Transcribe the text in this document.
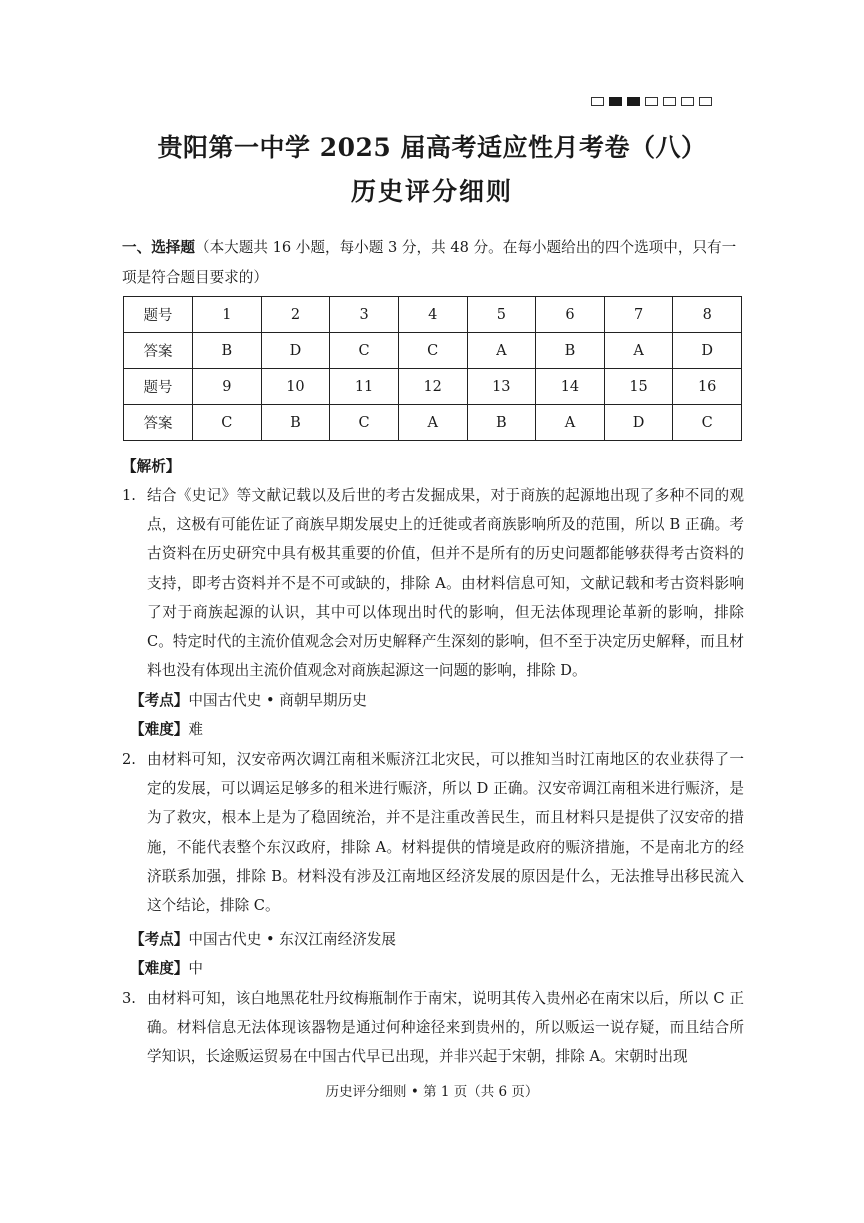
贵阳第一中学 2025 届高考适应性月考卷（八）
历史评分细则
一、选择题（本大题共 16 小题，每小题 3 分，共 48 分。在每小题给出的四个选项中，只有一项是符合题目要求的）
题号	1	2	3	4	5	6	7	8
答案	B	D	C	C	A	B	A	D
题号	9	10	11	12	13	14	15	16
答案	C	B	C	A	B	A	D	C
【解析】
1. 结合《史记》等文献记载以及后世的考古发掘成果，对于商族的起源地出现了多种不同的观点，这极有可能佐证了商族早期发展史上的迁徙或者商族影响所及的范围，所以 B 正确。考古资料在历史研究中具有极其重要的价值，但并不是所有的历史问题都能够获得考古资料的支持，即考古资料并不是不可或缺的，排除 A。由材料信息可知，文献记载和考古资料影响了对于商族起源的认识，其中可以体现出时代的影响，但无法体现理论革新的影响，排除 C。特定时代的主流价值观念会对历史解释产生深刻的影响，但不至于决定历史解释，而且材料也没有体现出主流价值观念对商族起源这一问题的影响，排除 D。
【考点】中国古代史 • 商朝早期历史
【难度】难
2. 由材料可知，汉安帝两次调江南租米赈济江北灾民，可以推知当时江南地区的农业获得了一定的发展，可以调运足够多的租米进行赈济，所以 D 正确。汉安帝调江南租米进行赈济，是为了救灾，根本上是为了稳固统治，并不是注重改善民生，而且材料只是提供了汉安帝的措施，不能代表整个东汉政府，排除 A。材料提供的情境是政府的赈济措施，不是南北方的经济联系加强，排除 B。材料没有涉及江南地区经济发展的原因是什么，无法推导出移民流入这个结论，排除 C。
【考点】中国古代史 • 东汉江南经济发展
【难度】中
3. 由材料可知，该白地黑花牡丹纹梅瓶制作于南宋，说明其传入贵州必在南宋以后，所以 C 正确。材料信息无法体现该器物是通过何种途径来到贵州的，所以贩运一说存疑，而且结合所学知识，长途贩运贸易在中国古代早已出现，并非兴起于宋朝，排除 A。宋朝时出现
历史评分细则 • 第 1 页（共 6 页）
